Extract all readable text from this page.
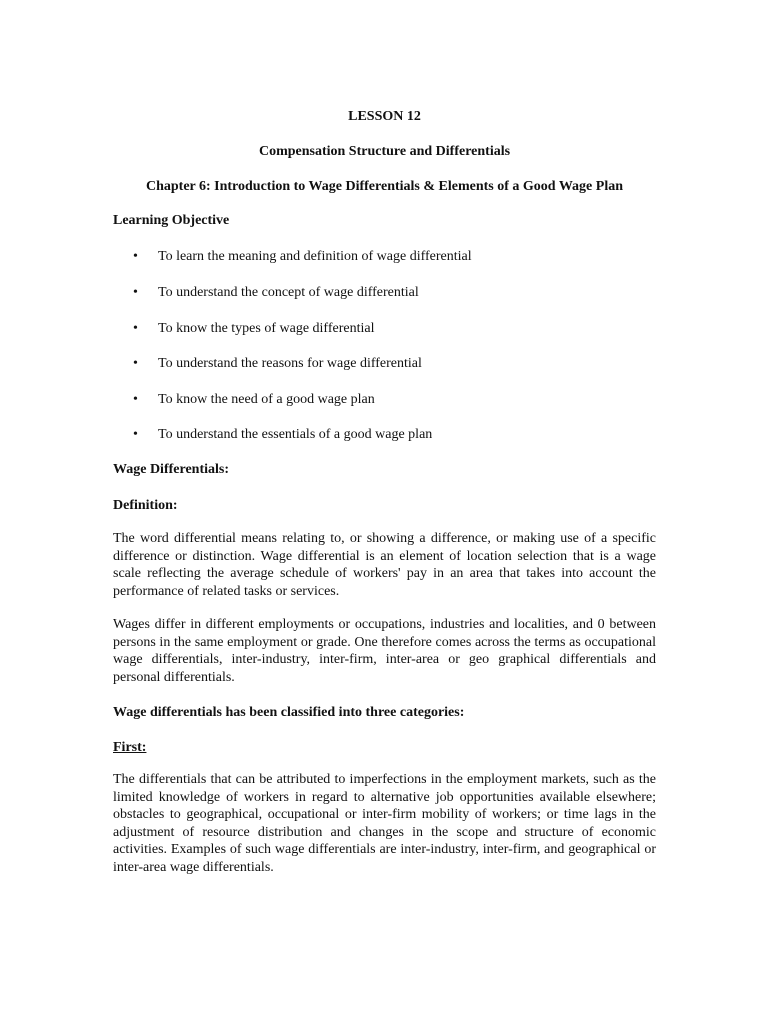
LESSON 12
Compensation Structure and Differentials
Chapter 6: Introduction to Wage Differentials & Elements of a Good Wage Plan
Learning Objective
• To learn the meaning and definition of wage differential
• To understand the concept of wage differential
• To know the types of wage differential
• To understand the reasons for wage differential
• To know the need of a good wage plan
• To understand the essentials of a good wage plan
Wage Differentials:
Definition:

The word differential means relating to, or showing a difference, or making use of a specific difference or distinction. Wage differential is an element of location selection that is a wage scale reflecting the average schedule of workers' pay in an area that takes into account the performance of related tasks or services.

Wages differ in different employments or occupations, industries and localities, and 0 between persons in the same employment or grade. One therefore comes across the terms as occupational wage differentials, inter-industry, inter-firm, inter-area or geo graphical differentials and personal differentials.

Wage differentials has been classified into three categories:
First:

The differentials that can be attributed to imperfections in the employment markets, such as the limited knowledge of workers in regard to alternative job opportunities available elsewhere; obstacles to geographical, occupational or inter-firm mobility of workers; or time lags in the adjustment of resource distribution and changes in the scope and structure of economic activities. Examples of such wage differentials are inter-industry, inter-firm, and geographical or inter-area wage differentials.
